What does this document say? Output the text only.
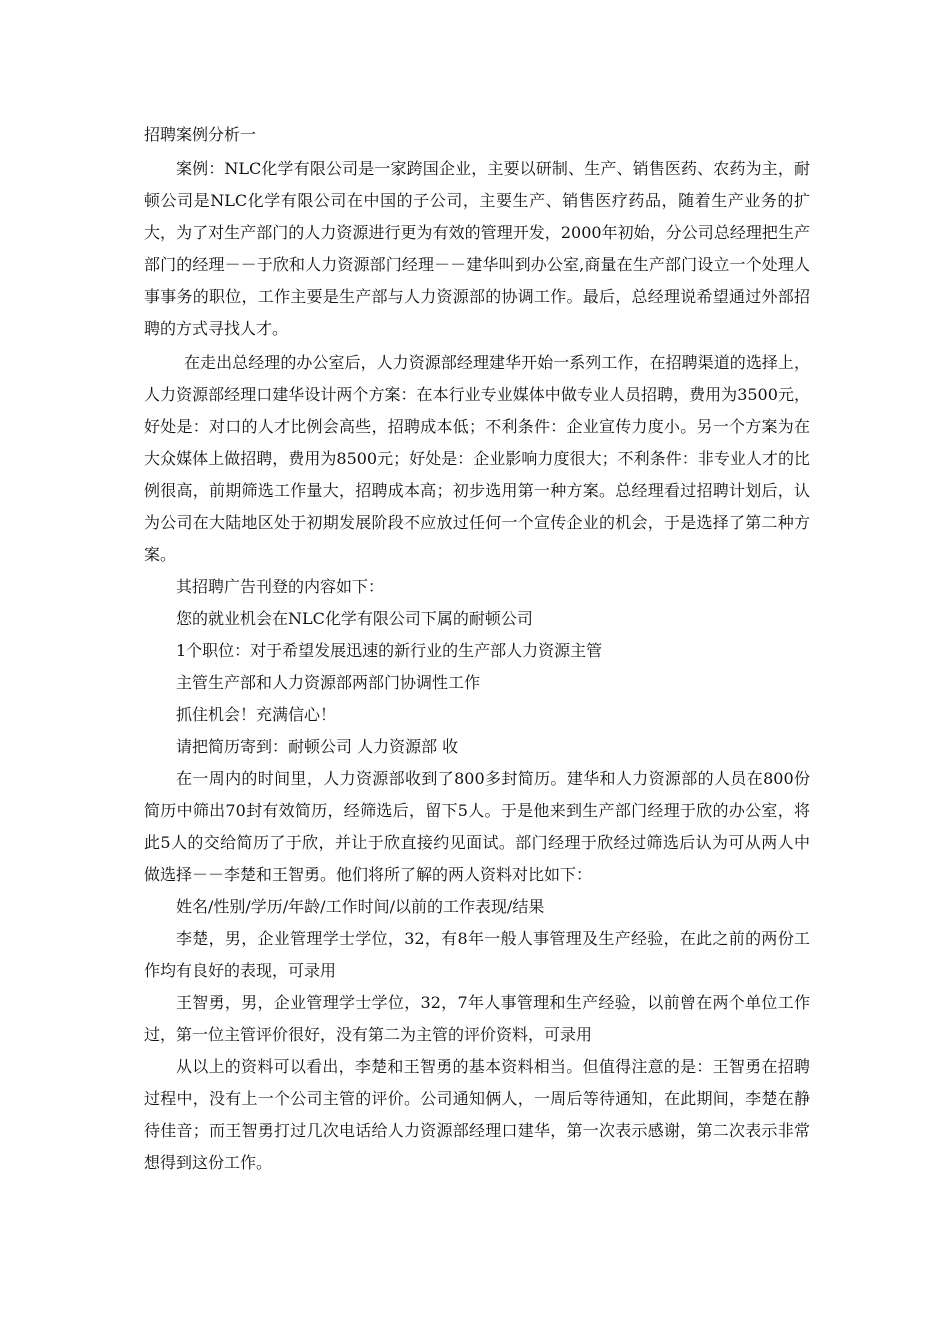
招聘案例分析一

案例：NLC化学有限公司是一家跨国企业，主要以研制、生产、销售医药、农药为主，耐顿公司是NLC化学有限公司在中国的子公司，主要生产、销售医疗药品，随着生产业务的扩大，为了对生产部门的人力资源进行更为有效的管理开发，2000年初始，分公司总经理把生产部门的经理－－于欣和人力资源部门经理－－建华叫到办公室,商量在生产部门设立一个处理人事事务的职位，工作主要是生产部与人力资源部的协调工作。最后，总经理说希望通过外部招聘的方式寻找人才。

在走出总经理的办公室后，人力资源部经理建华开始一系列工作，在招聘渠道的选择上，人力资源部经理口建华设计两个方案：在本行业专业媒体中做专业人员招聘，费用为3500元，好处是：对口的人才比例会高些，招聘成本低；不利条件：企业宣传力度小。另一个方案为在大众媒体上做招聘，费用为8500元；好处是：企业影响力度很大；不利条件：非专业人才的比例很高，前期筛选工作量大，招聘成本高；初步选用第一种方案。总经理看过招聘计划后，认为公司在大陆地区处于初期发展阶段不应放过任何一个宣传企业的机会，于是选择了第二种方案。

其招聘广告刊登的内容如下：

您的就业机会在NLC化学有限公司下属的耐顿公司

1个职位：对于希望发展迅速的新行业的生产部人力资源主管

主管生产部和人力资源部两部门协调性工作

抓住机会！充满信心！

请把简历寄到：耐顿公司 人力资源部 收

在一周内的时间里，人力资源部收到了800多封简历。建华和人力资源部的人员在800份简历中筛出70封有效简历，经筛选后，留下5人。于是他来到生产部门经理于欣的办公室，将此5人的交给简历了于欣，并让于欣直接约见面试。部门经理于欣经过筛选后认为可从两人中做选择－－李楚和王智勇。他们将所了解的两人资料对比如下：

姓名/性别/学历/年龄/工作时间/以前的工作表现/结果

李楚，男，企业管理学士学位，32，有8年一般人事管理及生产经验，在此之前的两份工作均有良好的表现，可录用

王智勇，男，企业管理学士学位，32，7年人事管理和生产经验，以前曾在两个单位工作过，第一位主管评价很好，没有第二为主管的评价资料，可录用

从以上的资料可以看出，李楚和王智勇的基本资料相当。但值得注意的是：王智勇在招聘过程中，没有上一个公司主管的评价。公司通知俩人，一周后等待通知，在此期间，李楚在静待佳音；而王智勇打过几次电话给人力资源部经理口建华，第一次表示感谢，第二次表示非常想得到这份工作。
